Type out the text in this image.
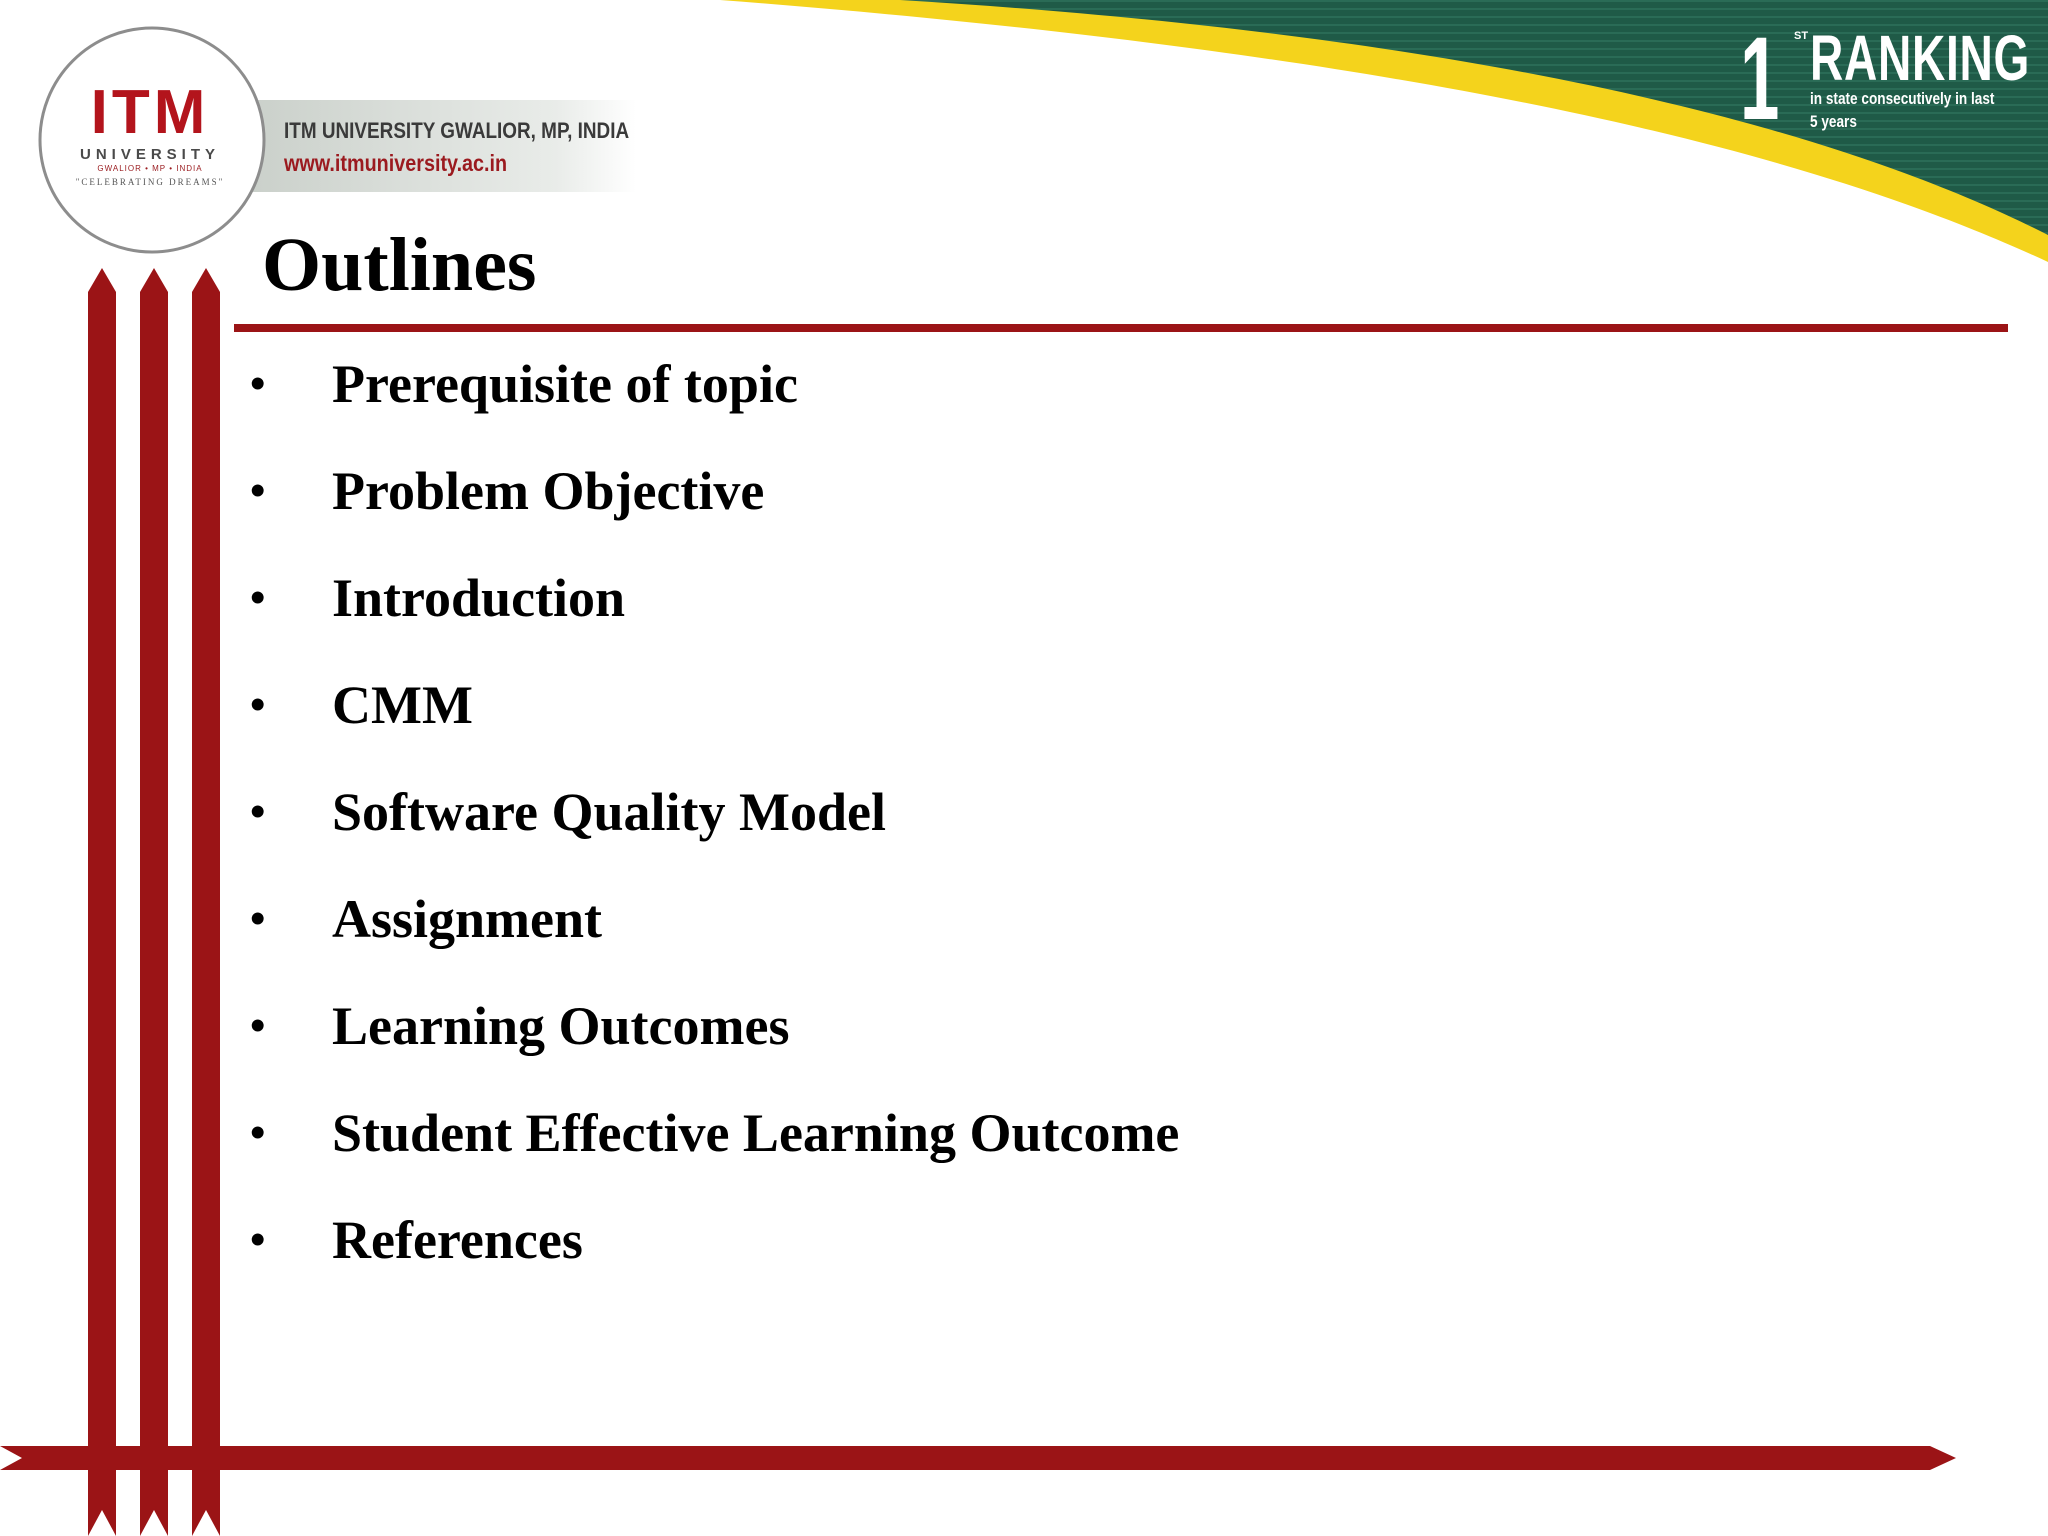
ITM
UNIVERSITY
GWALIOR • MP • INDIA
"CELEBRATING DREAMS"
ITM UNIVERSITY GWALIOR, MP, INDIA
www.itmuniversity.ac.in
1 ST RANKING
in state consecutively in last
5 years
Outlines
• Prerequisite of topic
• Problem Objective
• Introduction
• CMM
• Software Quality Model
• Assignment
• Learning Outcomes
• Student Effective Learning Outcome
• References
